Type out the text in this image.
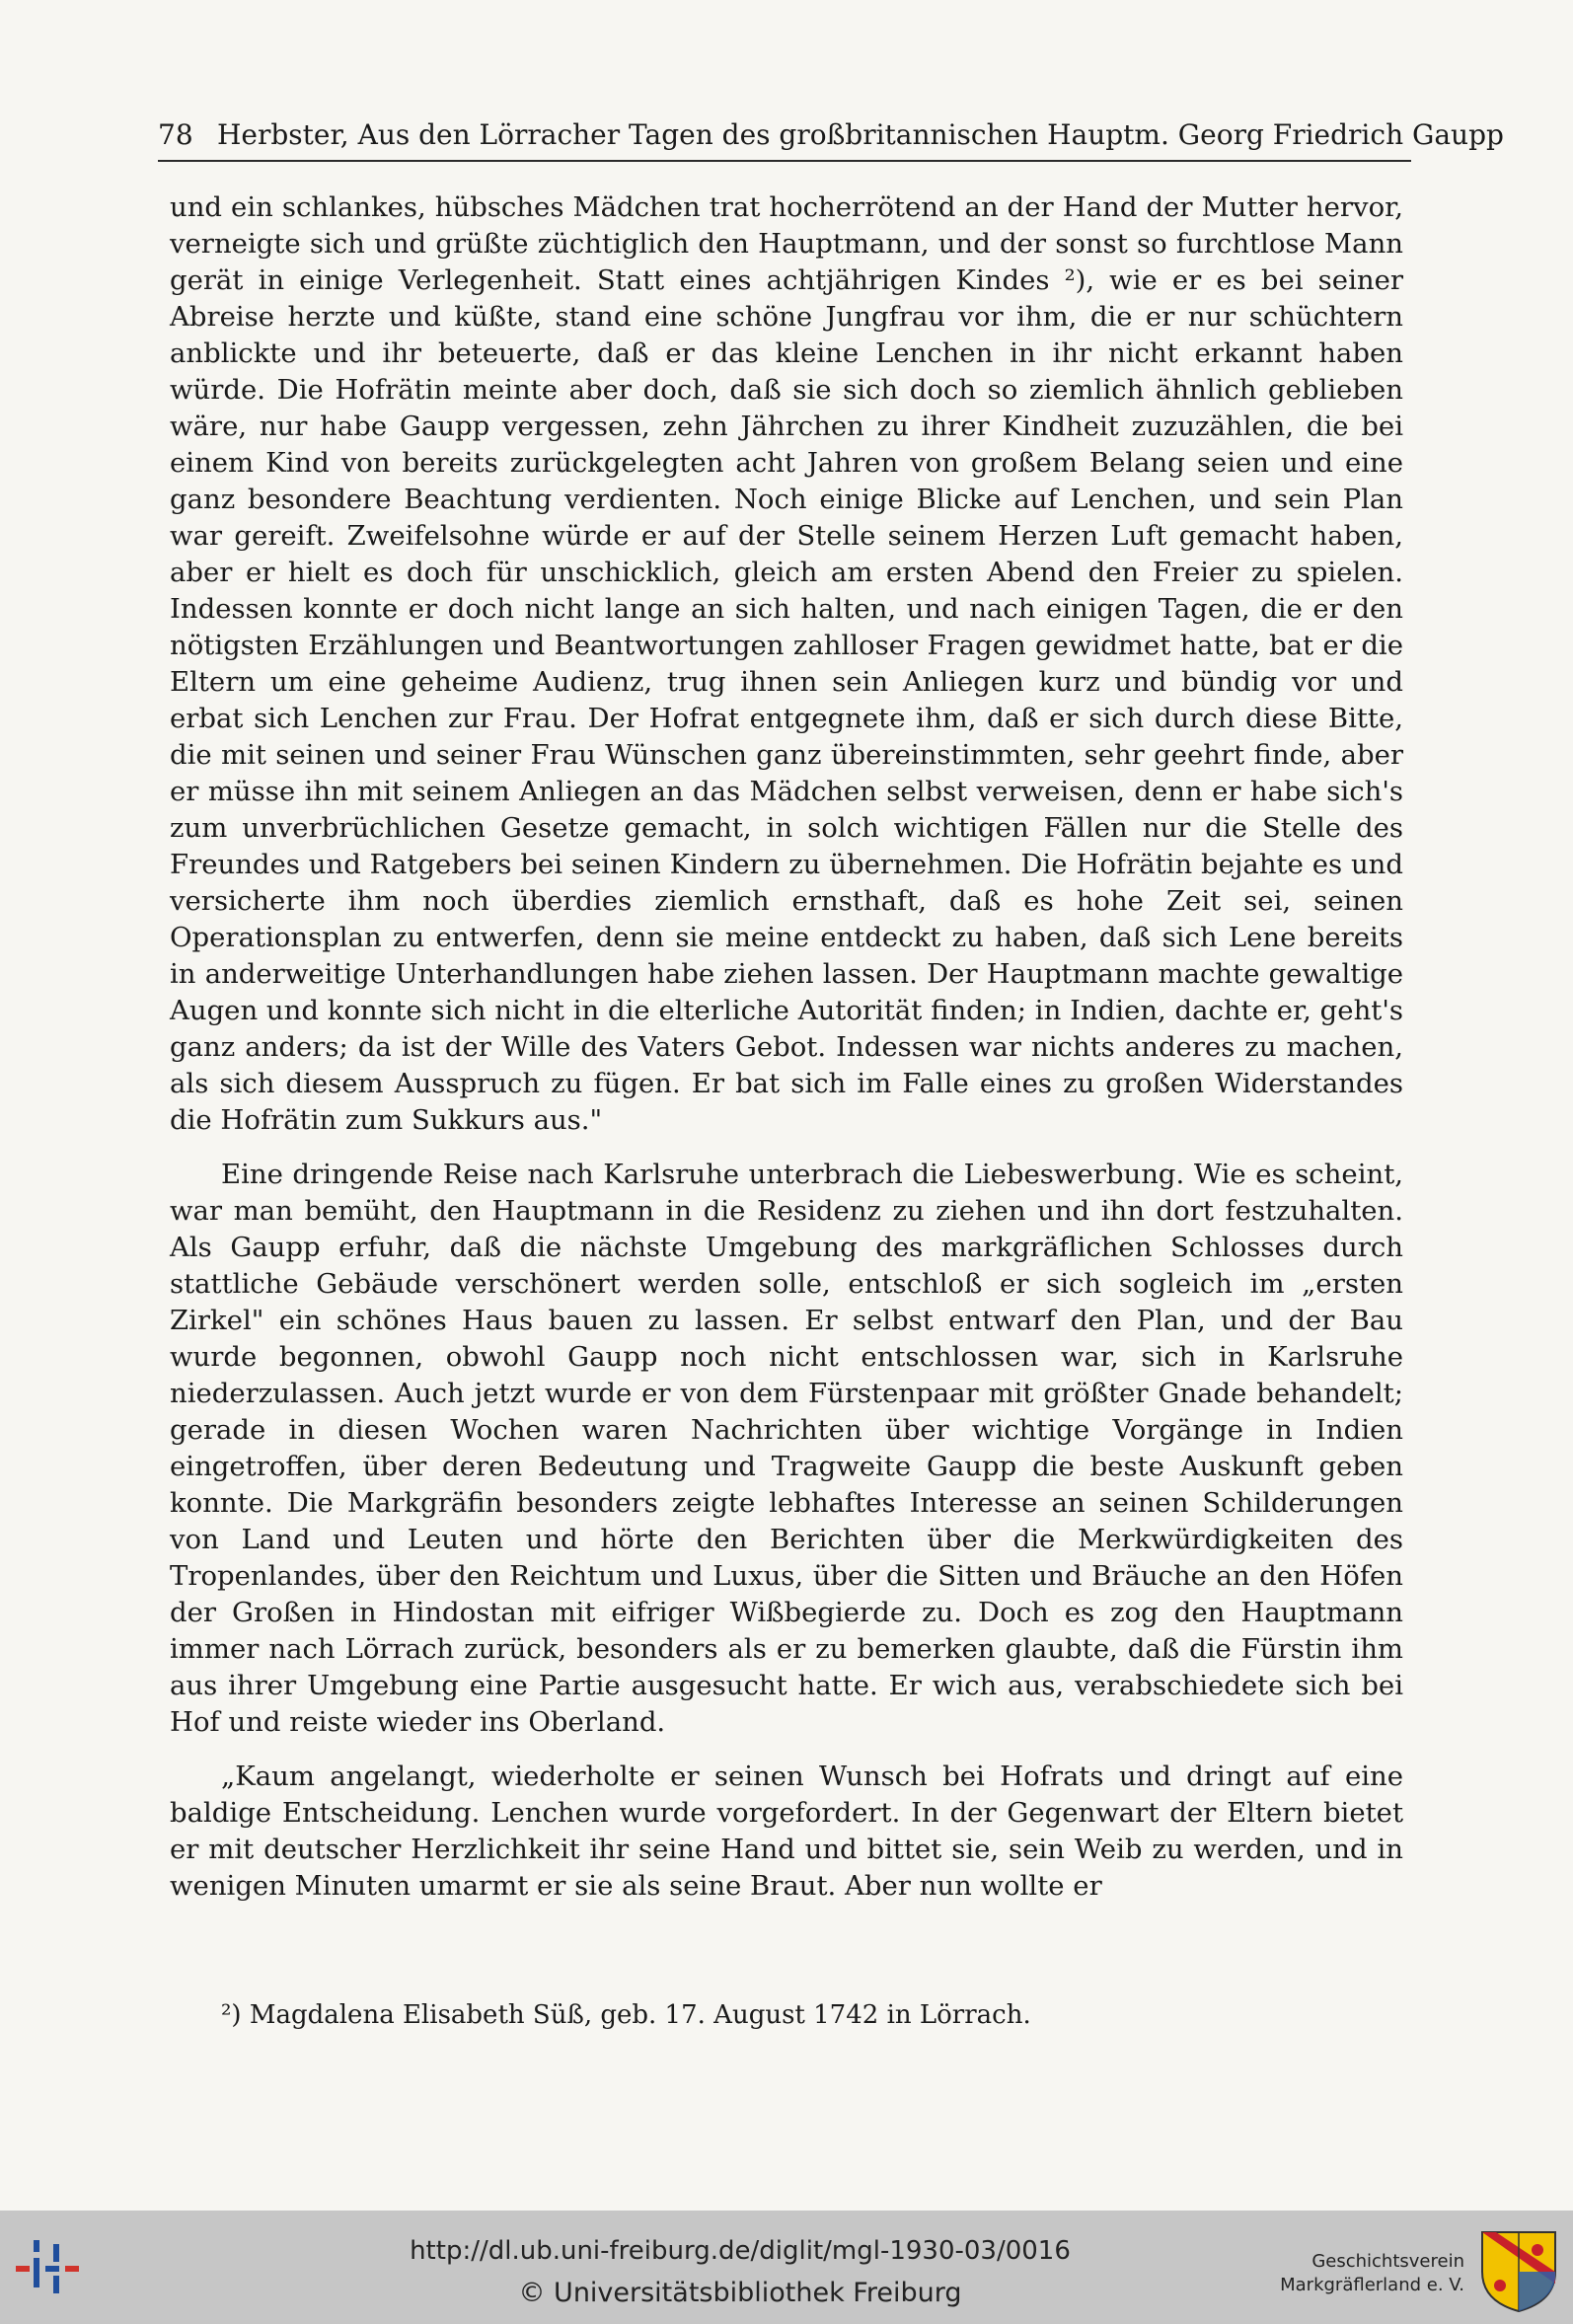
78 Herbster, Aus den Lörracher Tagen des großbritannischen Hauptm. Georg Friedrich Gaupp

und ein schlankes, hübsches Mädchen trat hocherrötend an der Hand der Mutter hervor, verneigte sich und grüßte züchtiglich den Hauptmann, und der sonst so furchtlose Mann gerät in einige Verlegenheit. Statt eines achtjährigen Kindes ²), wie er es bei seiner Abreise herzte und küßte, stand eine schöne Jungfrau vor ihm, die er nur schüchtern anblickte und ihr beteuerte, daß er das kleine Lenchen in ihr nicht erkannt haben würde. Die Hofrätin meinte aber doch, daß sie sich doch so ziemlich ähnlich geblieben wäre, nur habe Gaupp vergessen, zehn Jährchen zu ihrer Kindheit zuzuzählen, die bei einem Kind von bereits zurückgelegten acht Jahren von großem Belang seien und eine ganz besondere Beachtung verdienten. Noch einige Blicke auf Lenchen, und sein Plan war gereift. Zweifelsohne würde er auf der Stelle seinem Herzen Luft gemacht haben, aber er hielt es doch für unschicklich, gleich am ersten Abend den Freier zu spielen. Indessen konnte er doch nicht lange an sich halten, und nach einigen Tagen, die er den nötigsten Erzählungen und Beantwortungen zahlloser Fragen gewidmet hatte, bat er die Eltern um eine geheime Audienz, trug ihnen sein Anliegen kurz und bündig vor und erbat sich Lenchen zur Frau. Der Hofrat entgegnete ihm, daß er sich durch diese Bitte, die mit seinen und seiner Frau Wünschen ganz übereinstimmten, sehr geehrt finde, aber er müsse ihn mit seinem Anliegen an das Mädchen selbst verweisen, denn er habe sich's zum unverbrüchlichen Gesetze gemacht, in solch wichtigen Fällen nur die Stelle des Freundes und Ratgebers bei seinen Kindern zu übernehmen. Die Hofrätin bejahte es und versicherte ihm noch überdies ziemlich ernsthaft, daß es hohe Zeit sei, seinen Operationsplan zu entwerfen, denn sie meine entdeckt zu haben, daß sich Lene bereits in anderweitige Unterhandlungen habe ziehen lassen. Der Hauptmann machte gewaltige Augen und konnte sich nicht in die elterliche Autorität finden; in Indien, dachte er, geht's ganz anders; da ist der Wille des Vaters Gebot. Indessen war nichts anderes zu machen, als sich diesem Ausspruch zu fügen. Er bat sich im Falle eines zu großen Widerstandes die Hofrätin zum Sukkurs aus."

Eine dringende Reise nach Karlsruhe unterbrach die Liebeswerbung. Wie es scheint, war man bemüht, den Hauptmann in die Residenz zu ziehen und ihn dort festzuhalten. Als Gaupp erfuhr, daß die nächste Umgebung des markgräflichen Schlosses durch stattliche Gebäude verschönert werden solle, entschloß er sich sogleich im „ersten Zirkel" ein schönes Haus bauen zu lassen. Er selbst entwarf den Plan, und der Bau wurde begonnen, obwohl Gaupp noch nicht entschlossen war, sich in Karlsruhe niederzulassen. Auch jetzt wurde er von dem Fürstenpaar mit größter Gnade behandelt; gerade in diesen Wochen waren Nachrichten über wichtige Vorgänge in Indien eingetroffen, über deren Bedeutung und Tragweite Gaupp die beste Auskunft geben konnte. Die Markgräfin besonders zeigte lebhaftes Interesse an seinen Schilderungen von Land und Leuten und hörte den Berichten über die Merkwürdigkeiten des Tropenlandes, über den Reichtum und Luxus, über die Sitten und Bräuche an den Höfen der Großen in Hindostan mit eifriger Wißbegierde zu. Doch es zog den Hauptmann immer nach Lörrach zurück, besonders als er zu bemerken glaubte, daß die Fürstin ihm aus ihrer Umgebung eine Partie ausgesucht hatte. Er wich aus, verabschiedete sich bei Hof und reiste wieder ins Oberland.

„Kaum angelangt, wiederholte er seinen Wunsch bei Hofrats und dringt auf eine baldige Entscheidung. Lenchen wurde vorgefordert. In der Gegenwart der Eltern bietet er mit deutscher Herzlichkeit ihr seine Hand und bittet sie, sein Weib zu werden, und in wenigen Minuten umarmt er sie als seine Braut. Aber nun wollte er

²) Magdalena Elisabeth Süß, geb. 17. August 1742 in Lörrach.
http://dl.ub.uni-freiburg.de/diglit/mgl-1930-03/0016
© Universitätsbibliothek Freiburg
Geschichtsverein
Markgräflerland e. V.
